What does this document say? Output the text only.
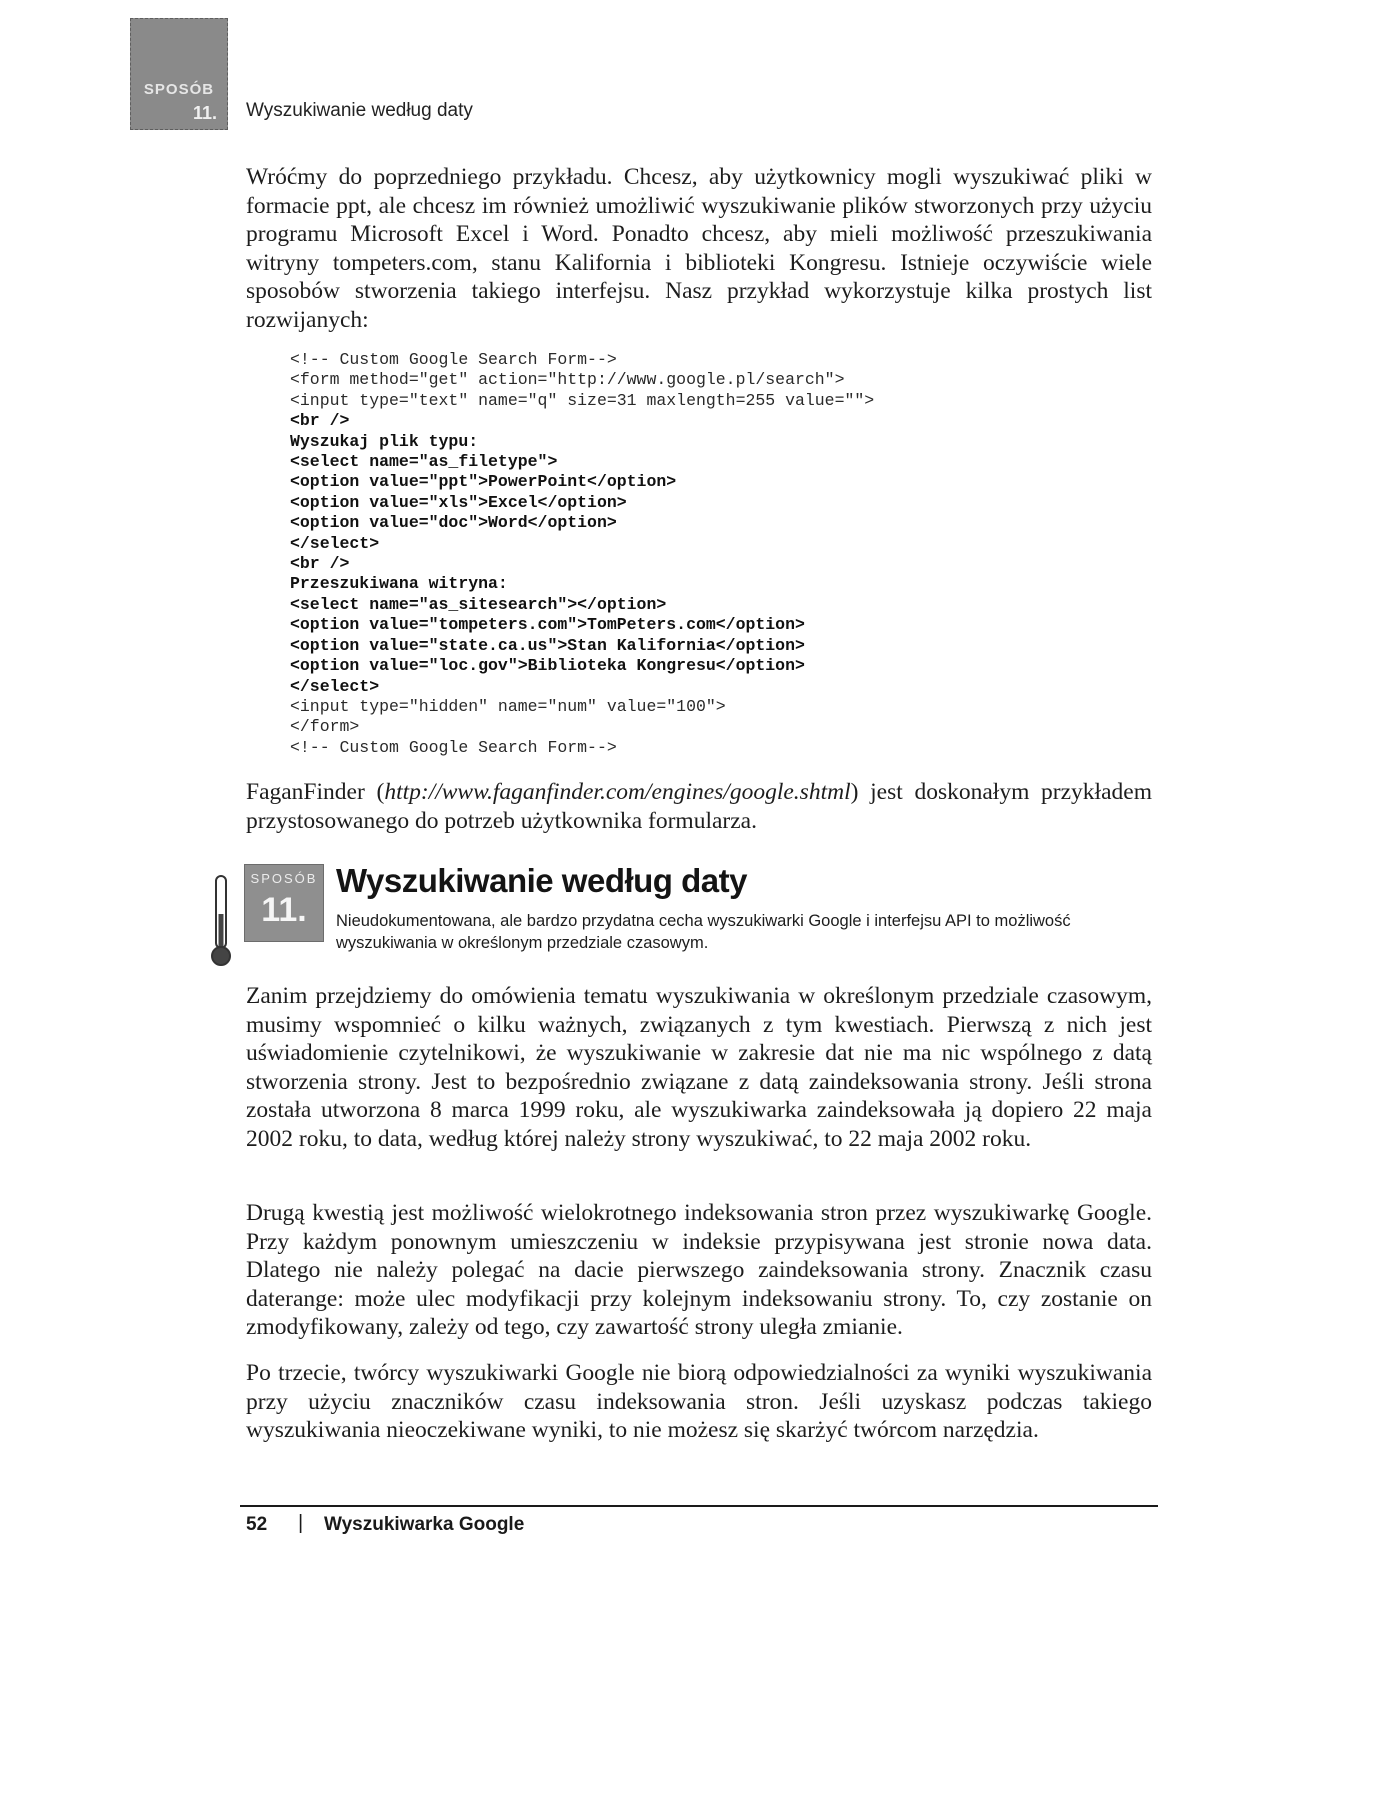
SPOSÓB
11. Wyszukiwanie według daty

Wróćmy do poprzedniego przykładu. Chcesz, aby użytkownicy mogli wyszukiwać pliki w formacie ppt, ale chcesz im również umożliwić wyszukiwanie plików stworzonych przy użyciu programu Microsoft Excel i Word. Ponadto chcesz, aby mieli możliwość przeszukiwania witryny tompeters.com, stanu Kalifornia i biblioteki Kongresu. Istnieje oczywiście wiele sposobów stworzenia takiego interfejsu. Nasz przykład wykorzystuje kilka prostych list rozwijanych:

<!-- Custom Google Search Form-->
<form method="get" action="http://www.google.pl/search">
<input type="text" name="q" size=31 maxlength=255 value="">
<br />
Wyszukaj plik typu:
<select name="as_filetype">
<option value="ppt">PowerPoint</option>
<option value="xls">Excel</option>
<option value="doc">Word</option>
</select>
<br />
Przeszukiwana witryna:
<select name="as_sitesearch"></option>
<option value="tompeters.com">TomPeters.com</option>
<option value="state.ca.us">Stan Kalifornia</option>
<option value="loc.gov">Biblioteka Kongresu</option>
</select>
<input type="hidden" name="num" value="100">
</form>
<!-- Custom Google Search Form-->

FaganFinder (http://www.faganfinder.com/engines/google.shtml) jest doskonałym przykładem przystosowanego do potrzeb użytkownika formularza.

SPOSÓB
11.
Wyszukiwanie według daty
Nieudokumentowana, ale bardzo przydatna cecha wyszukiwarki Google i interfejsu API to możliwość wyszukiwania w określonym przedziale czasowym.

Zanim przejdziemy do omówienia tematu wyszukiwania w określonym przedziale czasowym, musimy wspomnieć o kilku ważnych, związanych z tym kwestiach. Pierwszą z nich jest uświadomienie czytelnikowi, że wyszukiwanie w zakresie dat nie ma nic wspólnego z datą stworzenia strony. Jest to bezpośrednio związane z datą zaindeksowania strony. Jeśli strona została utworzona 8 marca 1999 roku, ale wyszukiwarka zaindeksowała ją dopiero 22 maja 2002 roku, to data, według której należy strony wyszukiwać, to 22 maja 2002 roku.

Drugą kwestią jest możliwość wielokrotnego indeksowania stron przez wyszukiwarkę Google. Przy każdym ponownym umieszczeniu w indeksie przypisywana jest stronie nowa data. Dlatego nie należy polegać na dacie pierwszego zaindeksowania strony. Znacznik czasu daterange: może ulec modyfikacji przy kolejnym indeksowaniu strony. To, czy zostanie on zmodyfikowany, zależy od tego, czy zawartość strony uległa zmianie.

Po trzecie, twórcy wyszukiwarki Google nie biorą odpowiedzialności za wyniki wyszukiwania przy użyciu znaczników czasu indeksowania stron. Jeśli uzyskasz podczas takiego wyszukiwania nieoczekiwane wyniki, to nie możesz się skarżyć twórcom narzędzia.

52 | Wyszukiwarka Google
